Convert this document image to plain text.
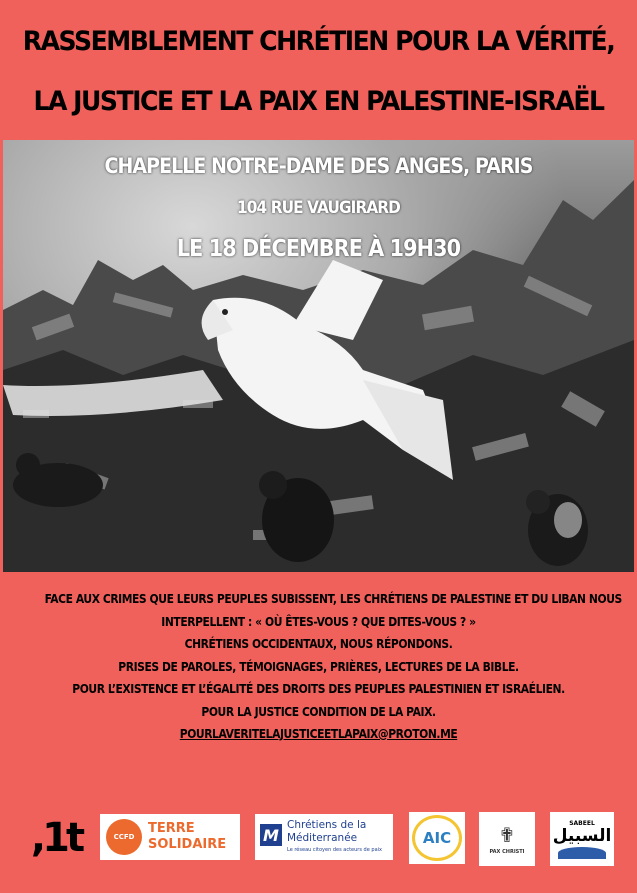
RASSEMBLEMENT CHRÉTIEN POUR LA VÉRITÉ,
LA JUSTICE ET LA PAIX EN PALESTINE-ISRAËL
CHAPELLE NOTRE-DAME DES ANGES, PARIS
104 RUE VAUGIRARD
LE 18 DÉCEMBRE À 19H30
FACE AUX CRIMES QUE LEURS PEUPLES SUBISSENT, LES CHRÉTIENS DE PALESTINE ET DU LIBAN NOUS
INTERPELLENT : « OÙ ÊTES-VOUS ? QUE DITES-VOUS ? »
CHRÉTIENS OCCIDENTAUX, NOUS RÉPONDONS.
PRISES DE PAROLES, TÉMOIGNAGES, PRIÈRES, LECTURES DE LA BIBLE.
POUR L’EXISTENCE ET L’ÉGALITÉ DES DROITS DES PEUPLES PALESTINIEN ET ISRAÉLIEN.
POUR LA JUSTICE CONDITION DE LA PAIX.
POURLAVERITELAJUSTICEETLAPAIX@PROTON.ME
,1t	CCFD
TERRE
SOLIDAIRE M
Chrétiens de la
Méditerranée
Le réseau citoyen des acteurs de paix
AIC	✟
PAX CHRISTI
SABEEL
السبيل
